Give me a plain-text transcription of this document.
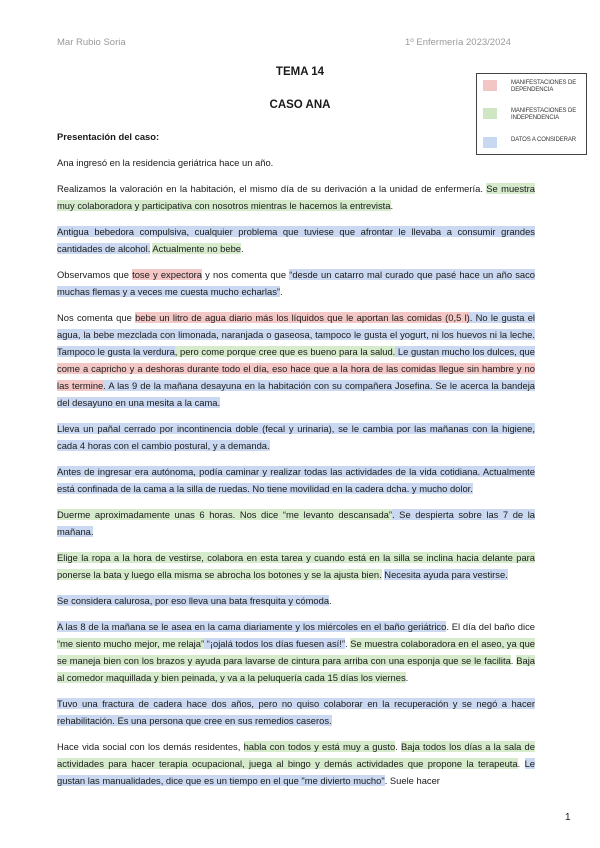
Mar Rubio Soria	1º Enfermería 2023/2024
TEMA 14
CASO ANA
MANIFESTACIONES DE DEPENDENCIA
MANIFESTACIONES DE INDEPENDENCIA
DATOS A CONSIDERAR

Presentación del caso:

Ana ingresó en la residencia geriátrica hace un año.

Realizamos la valoración en la habitación, el mismo día de su derivación a la unidad de enfermería. Se muestra muy colaboradora y participativa con nosotros mientras le hacemos la entrevista.

Antigua bebedora compulsiva, cualquier problema que tuviese que afrontar le llevaba a consumir grandes cantidades de alcohol. Actualmente no bebe.

Observamos que tose y expectora y nos comenta que “desde un catarro mal curado que pasé hace un año saco muchas flemas y a veces me cuesta mucho echarlas”.

Nos comenta que bebe un litro de agua diario más los líquidos que le aportan las comidas (0,5 l). No le gusta el agua, la bebe mezclada con limonada, naranjada o gaseosa, tampoco le gusta el yogurt, ni los huevos ni la leche. Tampoco le gusta la verdura, pero come porque cree que es bueno para la salud. Le gustan mucho los dulces, que come a capricho y a deshoras durante todo el día, eso hace que a la hora de las comidas llegue sin hambre y no las termine. A las 9 de la mañana desayuna en la habitación con su compañera Josefina. Se le acerca la bandeja del desayuno en una mesita a la cama.

Lleva un pañal cerrado por incontinencia doble (fecal y urinaria), se le cambia por las mañanas con la higiene, cada 4 horas con el cambio postural, y a demanda.

Antes de ingresar era autónoma, podía caminar y realizar todas las actividades de la vida cotidiana. Actualmente está confinada de la cama a la silla de ruedas. No tiene movilidad en la cadera dcha. y mucho dolor.

Duerme aproximadamente unas 6 horas. Nos dice “me levanto descansada”. Se despierta sobre las 7 de la mañana.

Elige la ropa a la hora de vestirse, colabora en esta tarea y cuando está en la silla se inclina hacia delante para ponerse la bata y luego ella misma se abrocha los botones y se la ajusta bien. Necesita ayuda para vestirse.

Se considera calurosa, por eso lleva una bata fresquita y cómoda.

A las 8 de la mañana se le asea en la cama diariamente y los miércoles en el baño geriátrico. El día del baño dice “me siento mucho mejor, me relaja” “¡ojalá todos los días fuesen así!”. Se muestra colaboradora en el aseo, ya que se maneja bien con los brazos y ayuda para lavarse de cintura para arriba con una esponja que se le facilita. Baja al comedor maquillada y bien peinada, y va a la peluquería cada 15 días los viernes.

Tuvo una fractura de cadera hace dos años, pero no quiso colaborar en la recuperación y se negó a hacer rehabilitación. Es una persona que cree en sus remedios caseros.

Hace vida social con los demás residentes, habla con todos y está muy a gusto. Baja todos los días a la sala de actividades para hacer terapia ocupacional, juega al bingo y demás actividades que propone la terapeuta. Le gustan las manualidades, dice que es un tiempo en el que "me divierto mucho". Suele hacer

1
